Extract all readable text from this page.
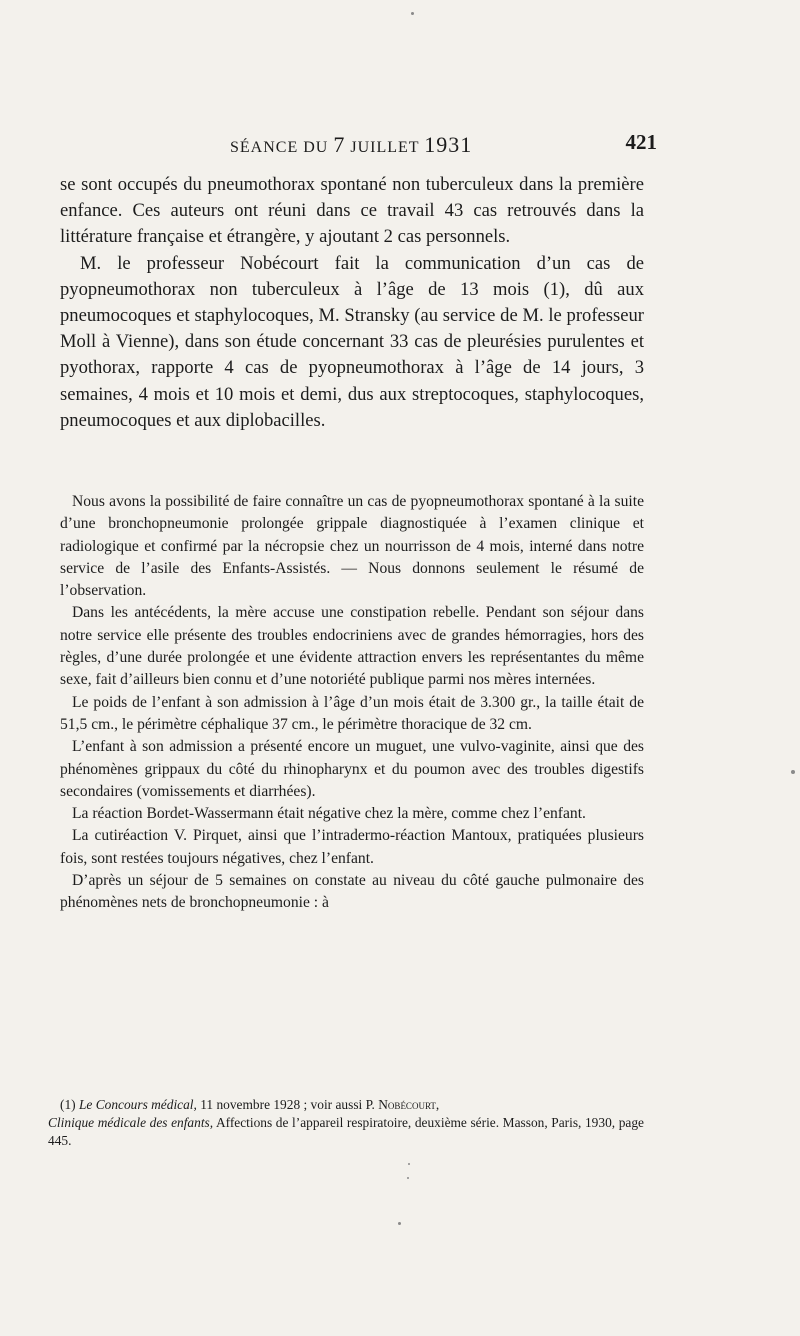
SÉANCE DU 7 JUILLET 1931	421

se sont occupés du pneumothorax spontané non tuberculeux dans la première enfance. Ces auteurs ont réuni dans ce travail 43 cas retrouvés dans la littérature française et étrangère, y ajoutant 2 cas personnels.

M. le professeur Nobécourt fait la communication d’un cas de pyopneumothorax non tuberculeux à l’âge de 13 mois (1), dû aux pneumocoques et staphylocoques, M. Stransky (au service de M. le professeur Moll à Vienne), dans son étude concernant 33 cas de pleurésies purulentes et pyothorax, rapporte 4 cas de pyopneumothorax à l’âge de 14 jours, 3 semaines, 4 mois et 10 mois et demi, dus aux streptocoques, staphylocoques, pneumocoques et aux diplobacilles.

Nous avons la possibilité de faire connaître un cas de pyopneumothorax spontané à la suite d’une bronchopneumonie prolongée grippale diagnostiquée à l’examen clinique et radiologique et confirmé par la nécropsie chez un nourrisson de 4 mois, interné dans notre service de l’asile des Enfants-Assistés. — Nous donnons seulement le résumé de l’observation.

Dans les antécédents, la mère accuse une constipation rebelle. Pendant son séjour dans notre service elle présente des troubles endocriniens avec de grandes hémorragies, hors des règles, d’une durée prolongée et une évidente attraction envers les représentantes du même sexe, fait d’ailleurs bien connu et d’une notoriété publique parmi nos mères internées.

Le poids de l’enfant à son admission à l’âge d’un mois était de 3.300 gr., la taille était de 51,5 cm., le périmètre céphalique 37 cm., le périmètre thoracique de 32 cm.

L’enfant à son admission a présenté encore un muguet, une vulvo-vaginite, ainsi que des phénomènes grippaux du côté du rhinopharynx et du poumon avec des troubles digestifs secondaires (vomissements et diarrhées).

La réaction Bordet-Wassermann était négative chez la mère, comme chez l’enfant.

La cutiréaction V. Pirquet, ainsi que l’intradermo-réaction Mantoux, pratiquées plusieurs fois, sont restées toujours négatives, chez l’enfant.

D’après un séjour de 5 semaines on constate au niveau du côté gauche pulmonaire des phénomènes nets de bronchopneumonie : à

(1) Le Concours médical, 11 novembre 1928 ; voir aussi P. Nobécourt,
Clinique médicale des enfants, Affections de l’appareil respiratoire, deuxième série. Masson, Paris, 1930, page 445.
